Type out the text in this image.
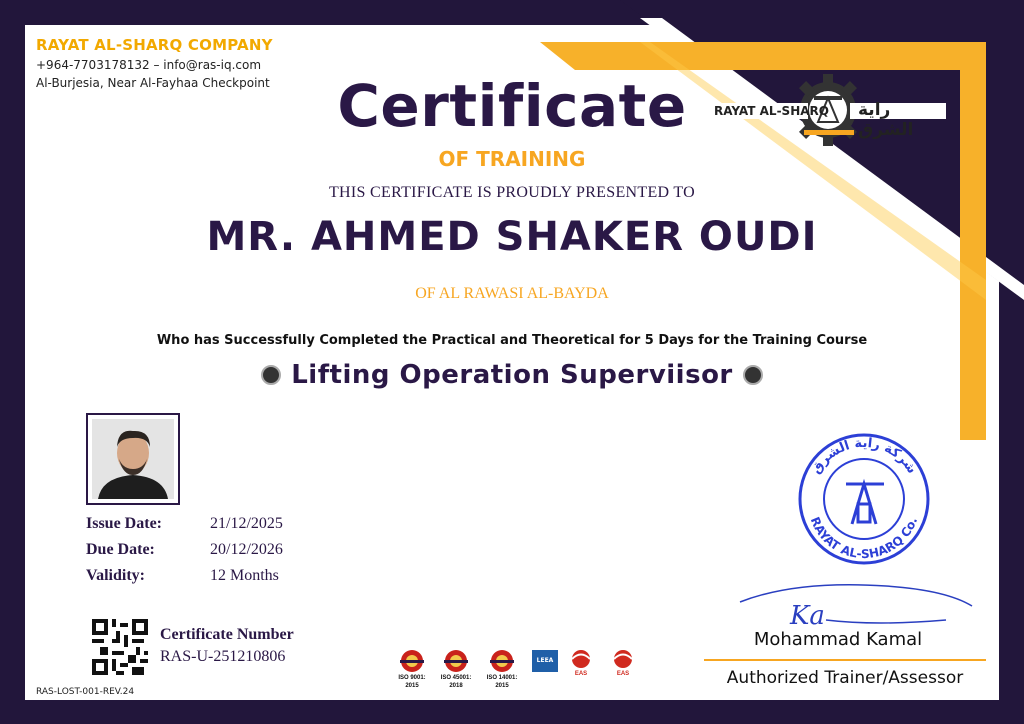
RAYAT AL-SHARQ COMPANY
+964-7703178132 – info@ras-iq.com
Al-Burjesia, Near Al-Fayhaa Checkpoint
RAYAT AL-SHARQ راية الشرق
Certificate
OF TRAINING
THIS CERTIFICATE IS PROUDLY PRESENTED TO
MR. AHMED SHAKER OUDI
OF AL RAWASI AL-BAYDA
Who has Successfully Completed the Practical and Theoretical for 5 Days for the Training Course
Lifting Operation Superviisor
Issue Date:	21/12/2025
Due Date:	20/12/2026
Validity:	12 Months
Certificate Number
RAS-U-251210806
RAS-LOST-001-REV.24
ISO 9001: 2015
ISO 45001: 2018
ISO 14001: 2015
LEEA
EAS	EAS
شركة راية الشرق
RAYAT AL-SHARQ Co.
Ka
Mohammad Kamal
Authorized Trainer/Assessor
